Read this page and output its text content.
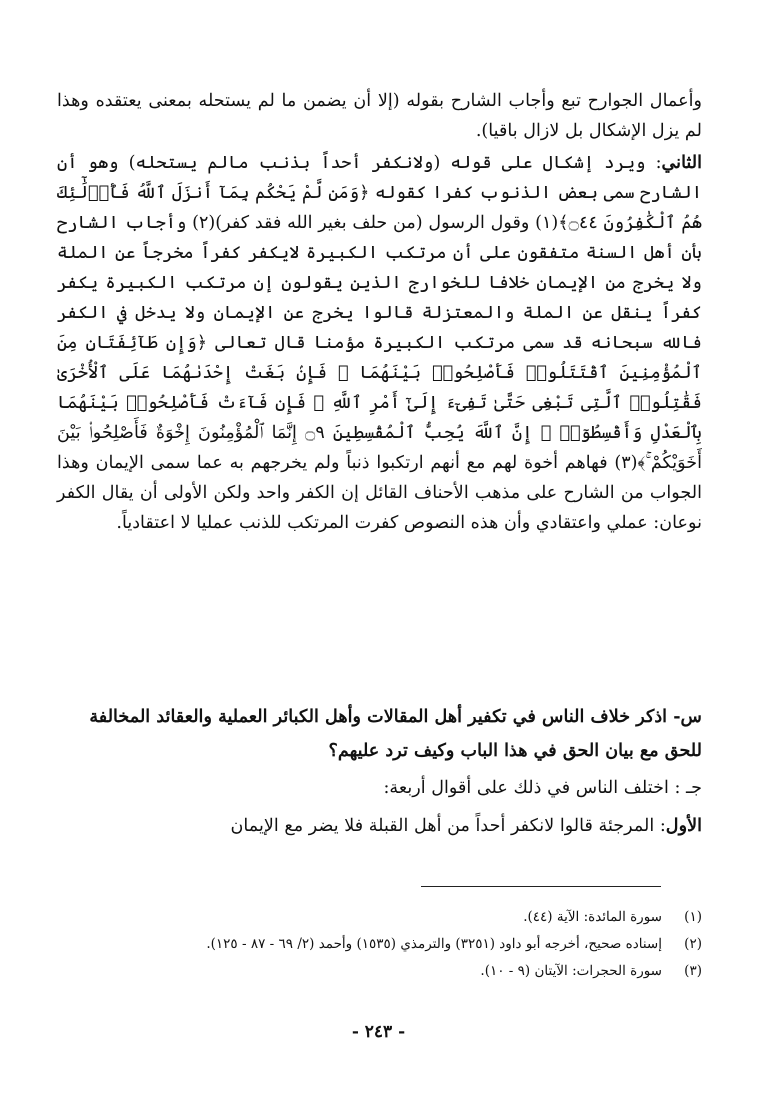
وأعمال الجوارح تبع وأجاب الشارح بقوله (إلا أن يضمن ما لم يستحله بمعنى يعتقده وهذا لم يزل الإشكال بل لازال باقيا).

الثاني: ويرد إشكال على قوله (ولانكفر أحداً بذنب مالم يستحله) وهو أن الشارح سمى بعض الذنوب كفرا كقوله ﴿وَمَن لَّمْ يَحْكُم بِمَآ أَنزَلَ ٱللَّهُ فَأُو۟لَٰٓئِكَ هُمُ ٱلْكَٰفِرُونَ ۝٤٤﴾(١) وقول الرسول (من حلف بغير الله فقد كفر)(٢) وأجاب الشارح بأن أهل السنة متفقون على أن مرتكب الكبيرة لايكفر كفراً مخرجاً عن الملة ولا يخرج من الإيمان خلافا للخوارج الذين يقولون إن مرتكب الكبيرة يكفر كفراً ينقل عن الملة والمعتزلة قالوا يخرج عن الإيمان ولا يدخل في الكفر فالله سبحانه قد سمى مرتكب الكبيرة مؤمنا قال تعالى ﴿وَإِن طَآئِفَتَانِ مِنَ ٱلْمُؤْمِنِينَ ٱقْتَتَلُوا۟ فَأَصْلِحُوا۟ بَيْنَهُمَا ۖ فَإِنۢ بَغَتْ إِحْدَىٰهُمَا عَلَى ٱلْأُخْرَىٰ فَقَٰتِلُوا۟ ٱلَّتِى تَبْغِى حَتَّىٰ تَفِىٓءَ إِلَىٰٓ أَمْرِ ٱللَّهِ ۚ فَإِن فَآءَتْ فَأَصْلِحُوا۟ بَيْنَهُمَا بِٱلْعَدْلِ وَأَقْسِطُوٓا۟ ۖ إِنَّ ٱللَّهَ يُحِبُّ ٱلْمُقْسِطِينَ ۝٩ إِنَّمَا ٱلْمُؤْمِنُونَ إِخْوَةٌ فَأَصْلِحُوا۟ بَيْنَ أَخَوَيْكُمْ ۚ﴾(٣) فهاهم أخوة لهم مع أنهم ارتكبوا ذنباً ولم يخرجهم به عما سمى الإيمان وهذا الجواب من الشارح على مذهب الأحناف القائل إن الكفر واحد ولكن الأولى أن يقال الكفر نوعان: عملي واعتقادي وأن هذه النصوص كفرت المرتكب للذنب عمليا لا اعتقادياً.

س- اذكر خلاف الناس في تكفير أهل المقالات وأهل الكبائر العملية والعقائد المخالفة للحق مع بيان الحق في هذا الباب وكيف ترد عليهم؟
جـ : اختلف الناس في ذلك على أقوال أربعة:
الأول: المرجئة قالوا لانكفر أحداً من أهل القبلة فلا يضر مع الإيمان
(١)سورة المائدة: الآية (٤٤).
(٢)إسناده صحيح، أخرجه أبو داود (٣٢٥١) والترمذي (١٥٣٥) وأحمد (٢/ ٦٩ - ٨٧ - ١٢٥).
(٣)سورة الحجرات: الآيتان (٩ - ١٠).
- ٢٤٣ -
